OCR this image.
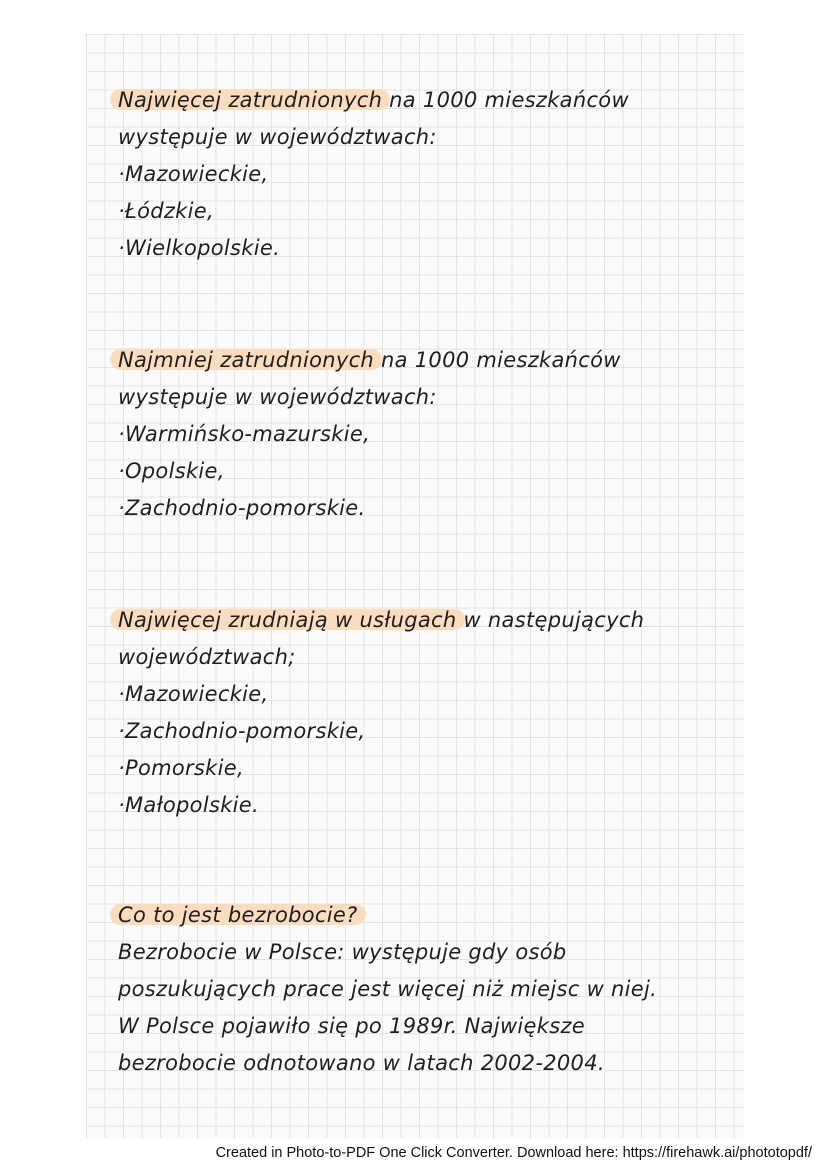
Najwięcej zatrudnionych na 1000 mieszkańców
występuje w województwach:
·Mazowieckie,
·Łódzkie,
·Wielkopolskie.
Najmniej zatrudnionych na 1000 mieszkańców
występuje w województwach:
·Warmińsko-mazurskie,
·Opolskie,
·Zachodnio-pomorskie.
Najwięcej zrudniają w usługach w następujących
województwach;
·Mazowieckie,
·Zachodnio-pomorskie,
·Pomorskie,
·Małopolskie.
Co to jest bezrobocie?
Bezrobocie w Polsce: występuje gdy osób
poszukujących prace jest więcej niż miejsc w niej.
W Polsce pojawiło się po 1989r. Największe
bezrobocie odnotowano w latach 2002-2004.
Created in Photo-to-PDF One Click Converter. Download here: https://firehawk.ai/phototopdf/
